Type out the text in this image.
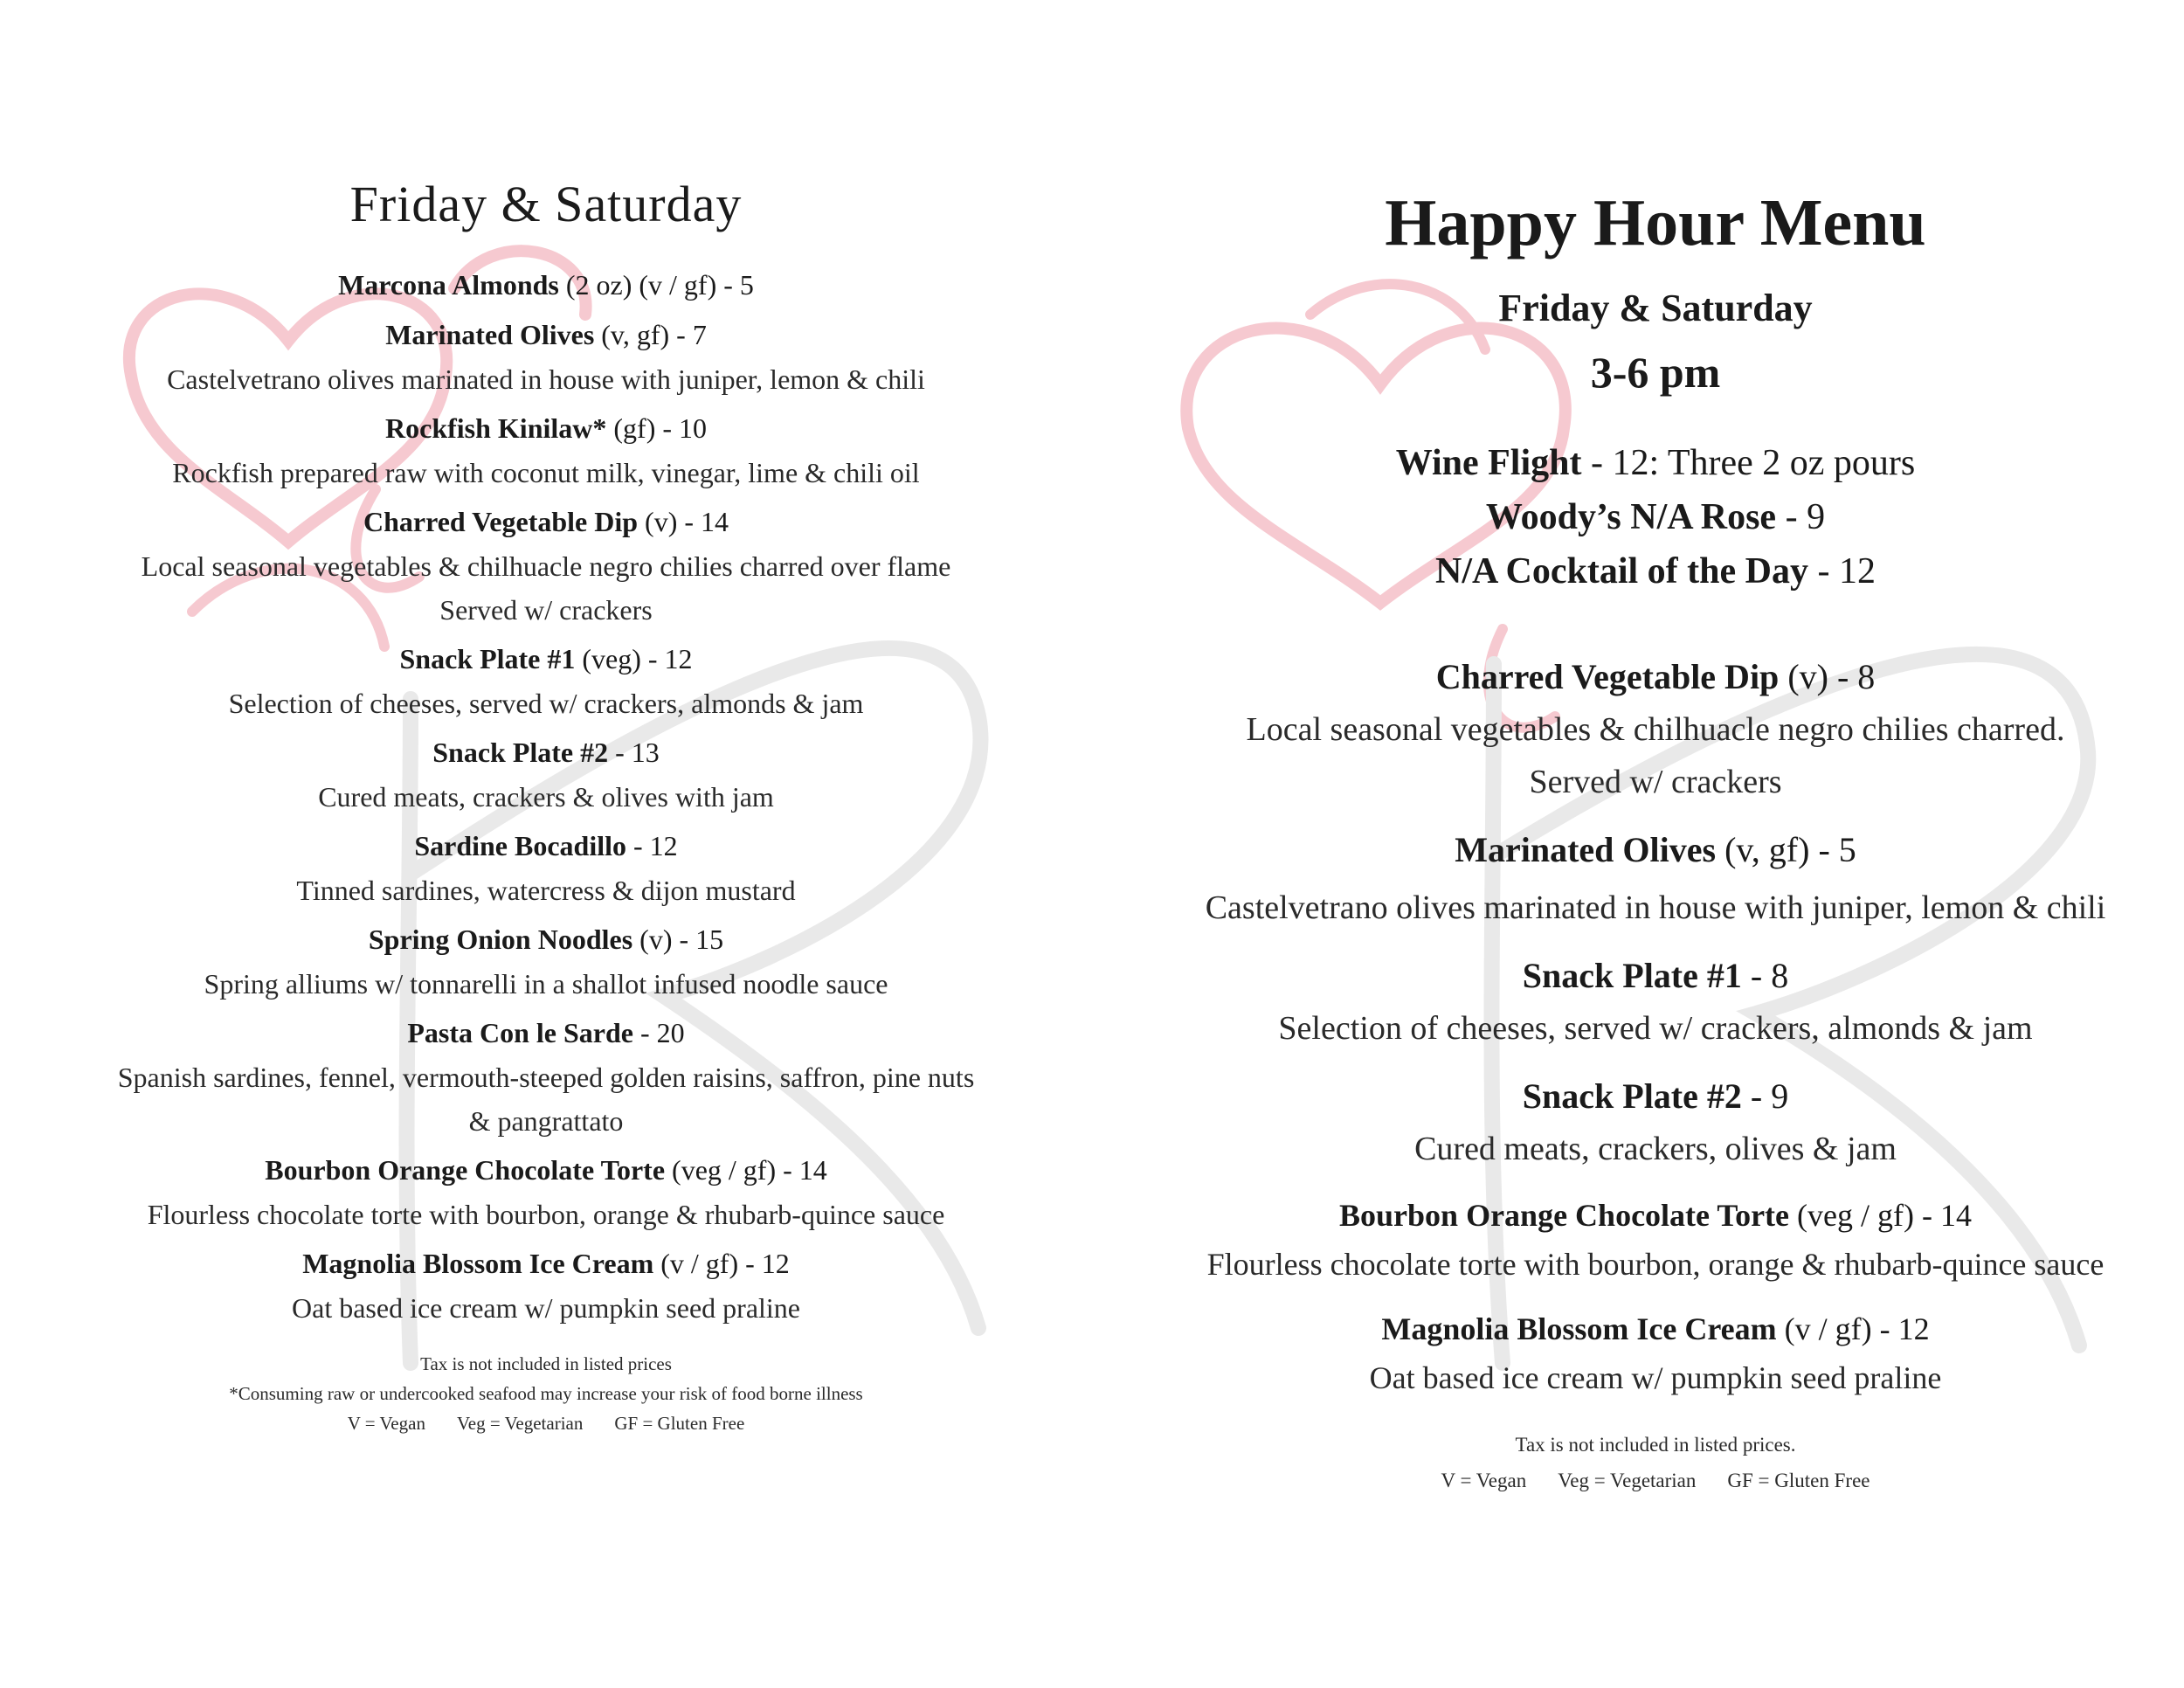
Friday & Saturday
Marcona Almonds (2 oz) (v / gf) - 5
Marinated Olives (v, gf) - 7
Castelvetrano olives marinated in house with juniper, lemon & chili
Rockfish Kinilaw* (gf) - 10
Rockfish prepared raw with coconut milk, vinegar, lime & chili oil
Charred Vegetable Dip (v) - 14
Local seasonal vegetables & chilhuacle negro chilies charred over flame
Served w/ crackers
Snack Plate #1 (veg) - 12
Selection of cheeses, served w/ crackers, almonds & jam
Snack Plate #2 - 13
Cured meats, crackers & olives with jam
Sardine Bocadillo - 12
Tinned sardines, watercress & dijon mustard
Spring Onion Noodles (v) - 15
Spring alliums w/ tonnarelli in a shallot infused noodle sauce
Pasta Con le Sarde - 20
Spanish sardines, fennel, vermouth-steeped golden raisins, saffron, pine nuts
& pangrattato
Bourbon Orange Chocolate Torte (veg / gf) - 14
Flourless chocolate torte with bourbon, orange & rhubarb-quince sauce
Magnolia Blossom Ice Cream (v / gf) - 12
Oat based ice cream w/ pumpkin seed praline
Tax is not included in listed prices
*Consuming raw or undercooked seafood may increase your risk of food borne illness
V = Vegan Veg = Vegetarian GF = Gluten Free
Happy Hour Menu
Friday & Saturday
3-6 pm
Wine Flight - 12: Three 2 oz pours
Woody’s N/A Rose - 9
N/A Cocktail of the Day - 12
Charred Vegetable Dip (v) - 8
Local seasonal vegetables & chilhuacle negro chilies charred.
Served w/ crackers
Marinated Olives (v, gf) - 5
Castelvetrano olives marinated in house with juniper, lemon & chili
Snack Plate #1 - 8
Selection of cheeses, served w/ crackers, almonds & jam
Snack Plate #2 - 9
Cured meats, crackers, olives & jam
Bourbon Orange Chocolate Torte (veg / gf) - 14
Flourless chocolate torte with bourbon, orange & rhubarb-quince sauce
Magnolia Blossom Ice Cream (v / gf) - 12
Oat based ice cream w/ pumpkin seed praline
Tax is not included in listed prices.
V = Vegan Veg = Vegetarian GF = Gluten Free
